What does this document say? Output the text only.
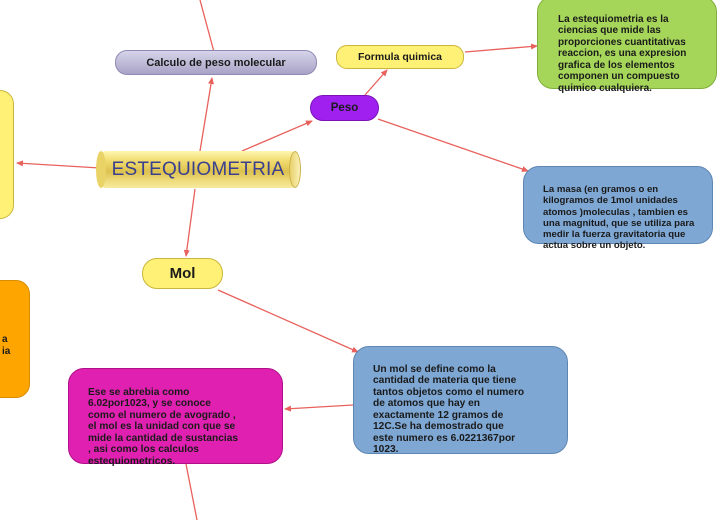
ESTEQUIOMETRIA
Calculo de peso molecular	Formula quimica
Peso
Mol

La estequiometria es la
ciencias que mide las
proporciones cuantitativas
reaccion, es una expresion
grafica de los elementos
componen un compuesto
quimico cualquiera.

La masa (en gramos o en
kilogramos de 1mol unidades
atomos )moleculas , tambien es
una magnitud, que se utiliza para
medir la fuerza gravitatoria que
actua sobre un objeto.

Un mol se define como la
cantidad de materia que tiene
tantos objetos como el numero
de atomos que hay en
exactamente 12 gramos de
12C.Se ha demostrado que
este numero es 6.0221367por
1023.

Ese se abrebia como
6.02por1023, y se conoce
como el numero de avogrado ,
el mol es la unidad con que se
mide la cantidad de sustancias
, asi como los calculos
estequiometricos.

a
ia
